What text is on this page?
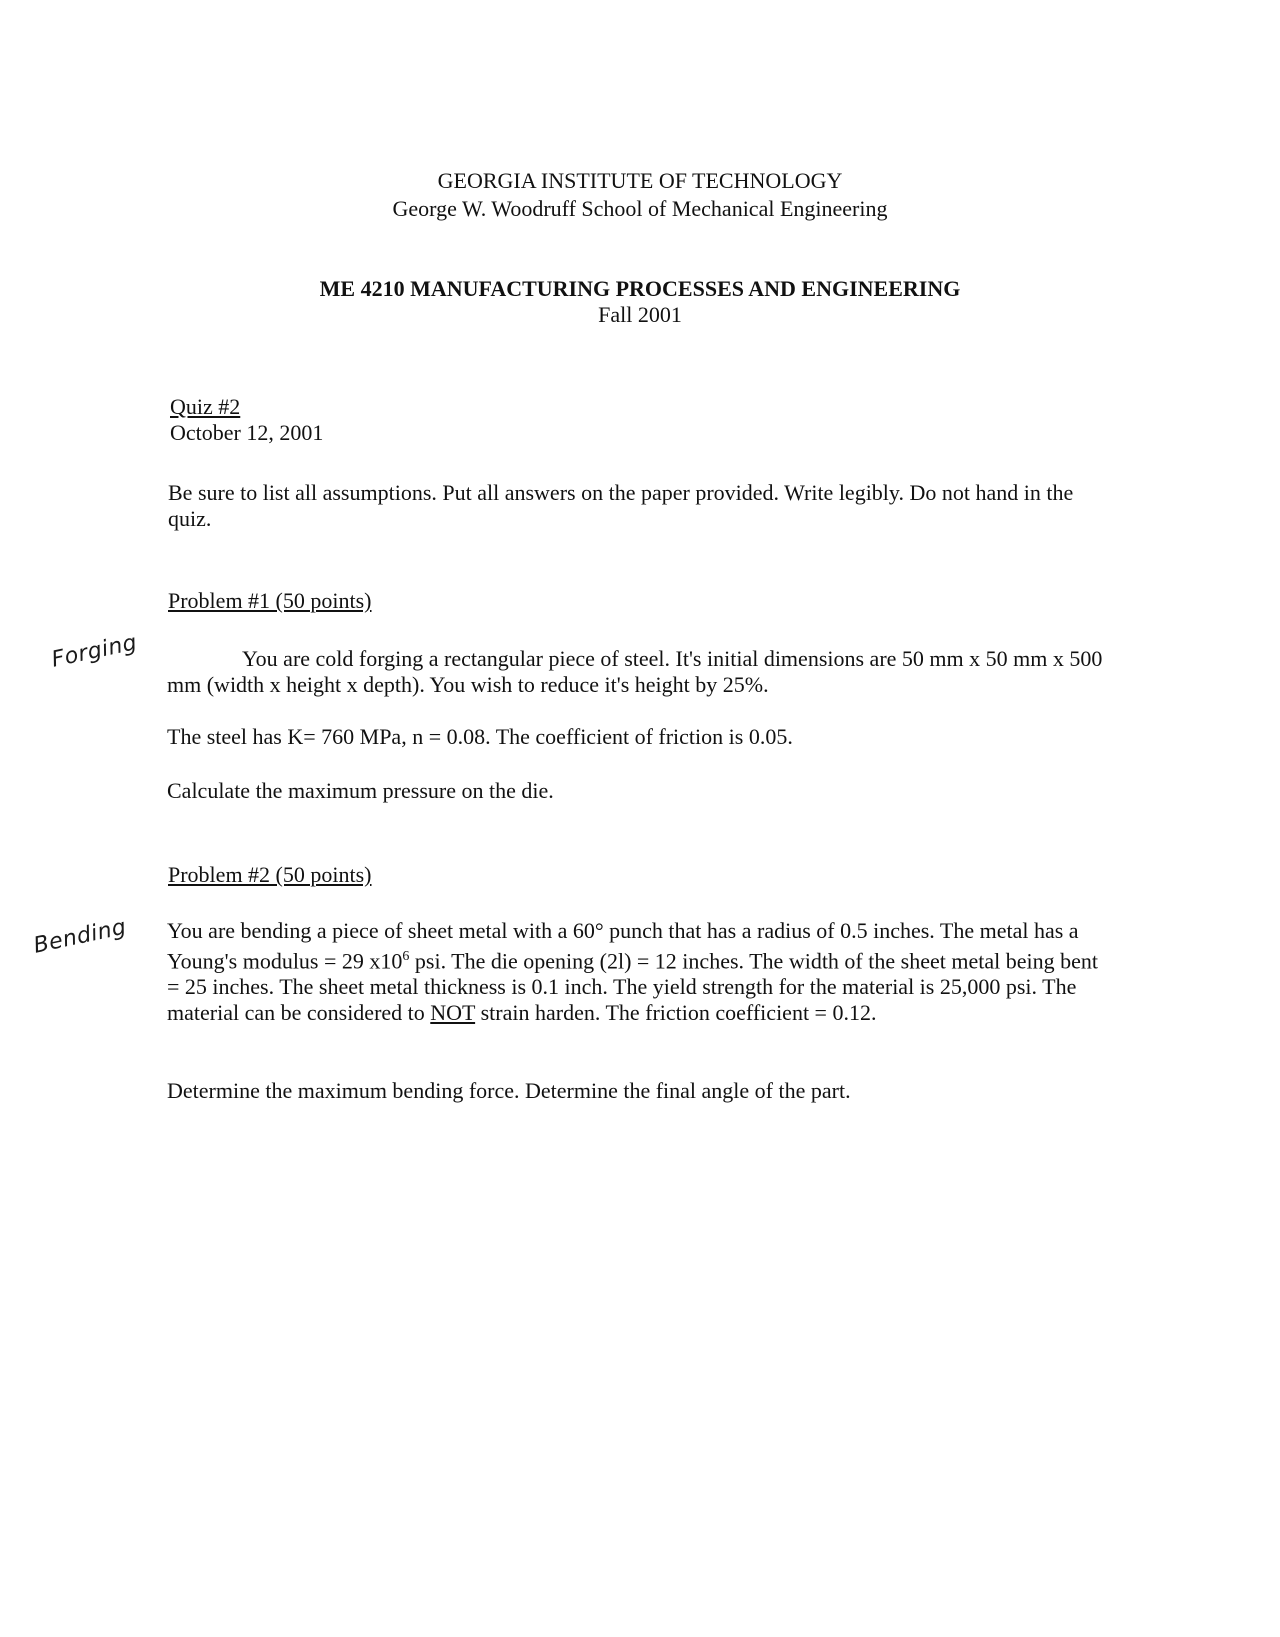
GEORGIA INSTITUTE OF TECHNOLOGY
George W. Woodruff School of Mechanical Engineering
ME 4210 MANUFACTURING PROCESSES AND ENGINEERING
Fall 2001
Quiz #2
October 12, 2001
Be sure to list all assumptions. Put all answers on the paper provided. Write legibly. Do not hand in the quiz.
Problem #1 (50 points)
Forging	You are cold forging a rectangular piece of steel. It's initial dimensions are 50 mm x 50 mm x 500 mm (width x height x depth). You wish to reduce it's height by 25%.
The steel has K= 760 MPa, n = 0.08. The coefficient of friction is 0.05.
Calculate the maximum pressure on the die.
Problem #2 (50 points)
Bending You are bending a piece of sheet metal with a 60° punch that has a radius of 0.5 inches. The metal has a Young's modulus = 29 $x10^6$ psi. The die opening (2l) = 12 inches. The width of the sheet metal being bent = 25 inches. The sheet metal thickness is 0.1 inch. The yield strength for the material is 25,000 psi. The material can be considered to NOT strain harden. The friction coefficient = 0.12.
Determine the maximum bending force. Determine the final angle of the part.
